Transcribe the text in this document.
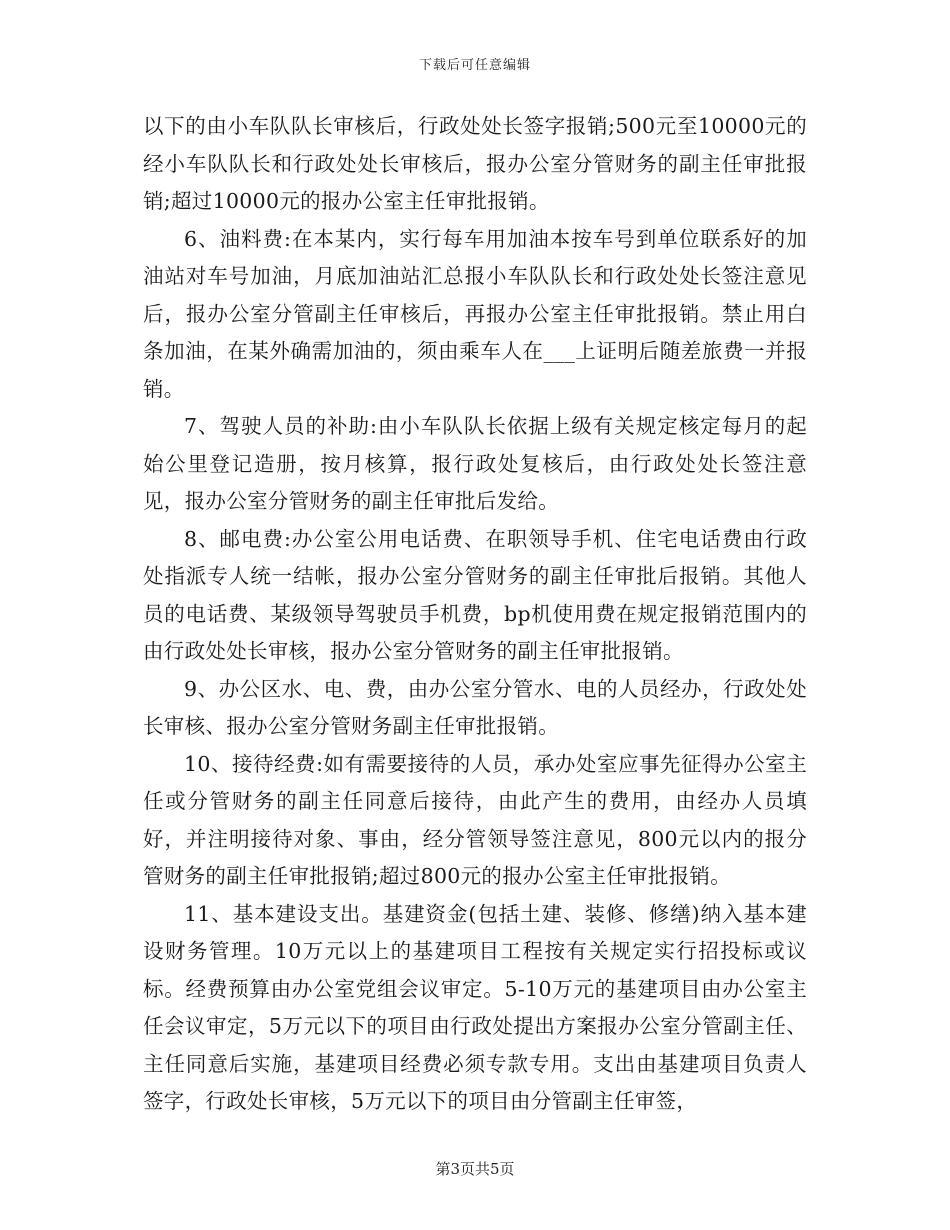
下载后可任意编辑

以下的由小车队队长审核后，行政处处长签字报销;500元至10000元的经小车队队长和行政处处长审核后，报办公室分管财务的副主任审批报销;超过10000元的报办公室主任审批报销。

6、油料费:在本某内，实行每车用加油本按车号到单位联系好的加油站对车号加油，月底加油站汇总报小车队队长和行政处处长签注意见后，报办公室分管副主任审核后，再报办公室主任审批报销。禁止用白条加油，在某外确需加油的，须由乘车人在___上证明后随差旅费一并报销。

7、驾驶人员的补助:由小车队队长依据上级有关规定核定每月的起始公里登记造册，按月核算，报行政处复核后，由行政处处长签注意见，报办公室分管财务的副主任审批后发给。

8、邮电费:办公室公用电话费、在职领导手机、住宅电话费由行政处指派专人统一结帐，报办公室分管财务的副主任审批后报销。其他人员的电话费、某级领导驾驶员手机费，bp机使用费在规定报销范围内的由行政处处长审核，报办公室分管财务的副主任审批报销。

9、办公区水、电、费，由办公室分管水、电的人员经办，行政处处长审核、报办公室分管财务副主任审批报销。

10、接待经费:如有需要接待的人员，承办处室应事先征得办公室主任或分管财务的副主任同意后接待，由此产生的费用，由经办人员填好，并注明接待对象、事由，经分管领导签注意见，800元以内的报分管财务的副主任审批报销;超过800元的报办公室主任审批报销。

11、基本建设支出。基建资金(包括土建、装修、修缮)纳入基本建设财务管理。10万元以上的基建项目工程按有关规定实行招投标或议标。经费预算由办公室党组会议审定。5-10万元的基建项目由办公室主任会议审定，5万元以下的项目由行政处提出方案报办公室分管副主任、主任同意后实施，基建项目经费必须专款专用。支出由基建项目负责人签字，行政处长审核，5万元以下的项目由分管副主任审签，

第3页共5页
